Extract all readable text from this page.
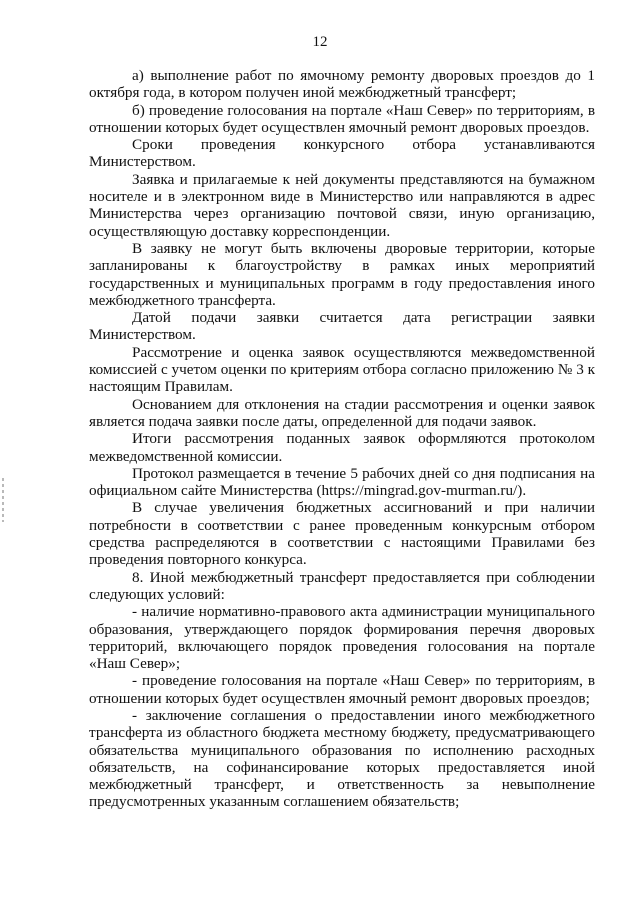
12

а) выполнение работ по ямочному ремонту дворовых проездов до 1 октября года, в котором получен иной межбюджетный трансферт;

б) проведение голосования на портале «Наш Север» по территориям, в отношении которых будет осуществлен ямочный ремонт дворовых проездов.

Сроки проведения конкурсного отбора устанавливаются Министерством.

Заявка и прилагаемые к ней документы представляются на бумажном носителе и в электронном виде в Министерство или направляются в адрес Министерства через организацию почтовой связи, иную организацию, осуществляющую доставку корреспонденции.

В заявку не могут быть включены дворовые территории, которые запланированы к благоустройству в рамках иных мероприятий государственных и муниципальных программ в году предоставления иного межбюджетного трансферта.

Датой подачи заявки считается дата регистрации заявки Министерством.

Рассмотрение и оценка заявок осуществляются межведомственной комиссией с учетом оценки по критериям отбора согласно приложению № 3 к настоящим Правилам.

Основанием для отклонения на стадии рассмотрения и оценки заявок является подача заявки после даты, определенной для подачи заявок.

Итоги рассмотрения поданных заявок оформляются протоколом межведомственной комиссии.

Протокол размещается в течение 5 рабочих дней со дня подписания на официальном сайте Министерства (https://mingrad.gov-murman.ru/).

В случае увеличения бюджетных ассигнований и при наличии потребности в соответствии с ранее проведенным конкурсным отбором средства распределяются в соответствии с настоящими Правилами без проведения повторного конкурса.

8. Иной межбюджетный трансферт предоставляется при соблюдении следующих условий:

- наличие нормативно-правового акта администрации муниципального образования, утверждающего порядок формирования перечня дворовых территорий, включающего порядок проведения голосования на портале «Наш Север»;

- проведение голосования на портале «Наш Север» по территориям, в отношении которых будет осуществлен ямочный ремонт дворовых проездов;

- заключение соглашения о предоставлении иного межбюджетного трансферта из областного бюджета местному бюджету, предусматривающего обязательства муниципального образования по исполнению расходных обязательств, на софинансирование которых предоставляется иной межбюджетный трансферт, и ответственность за невыполнение предусмотренных указанным соглашением обязательств;
